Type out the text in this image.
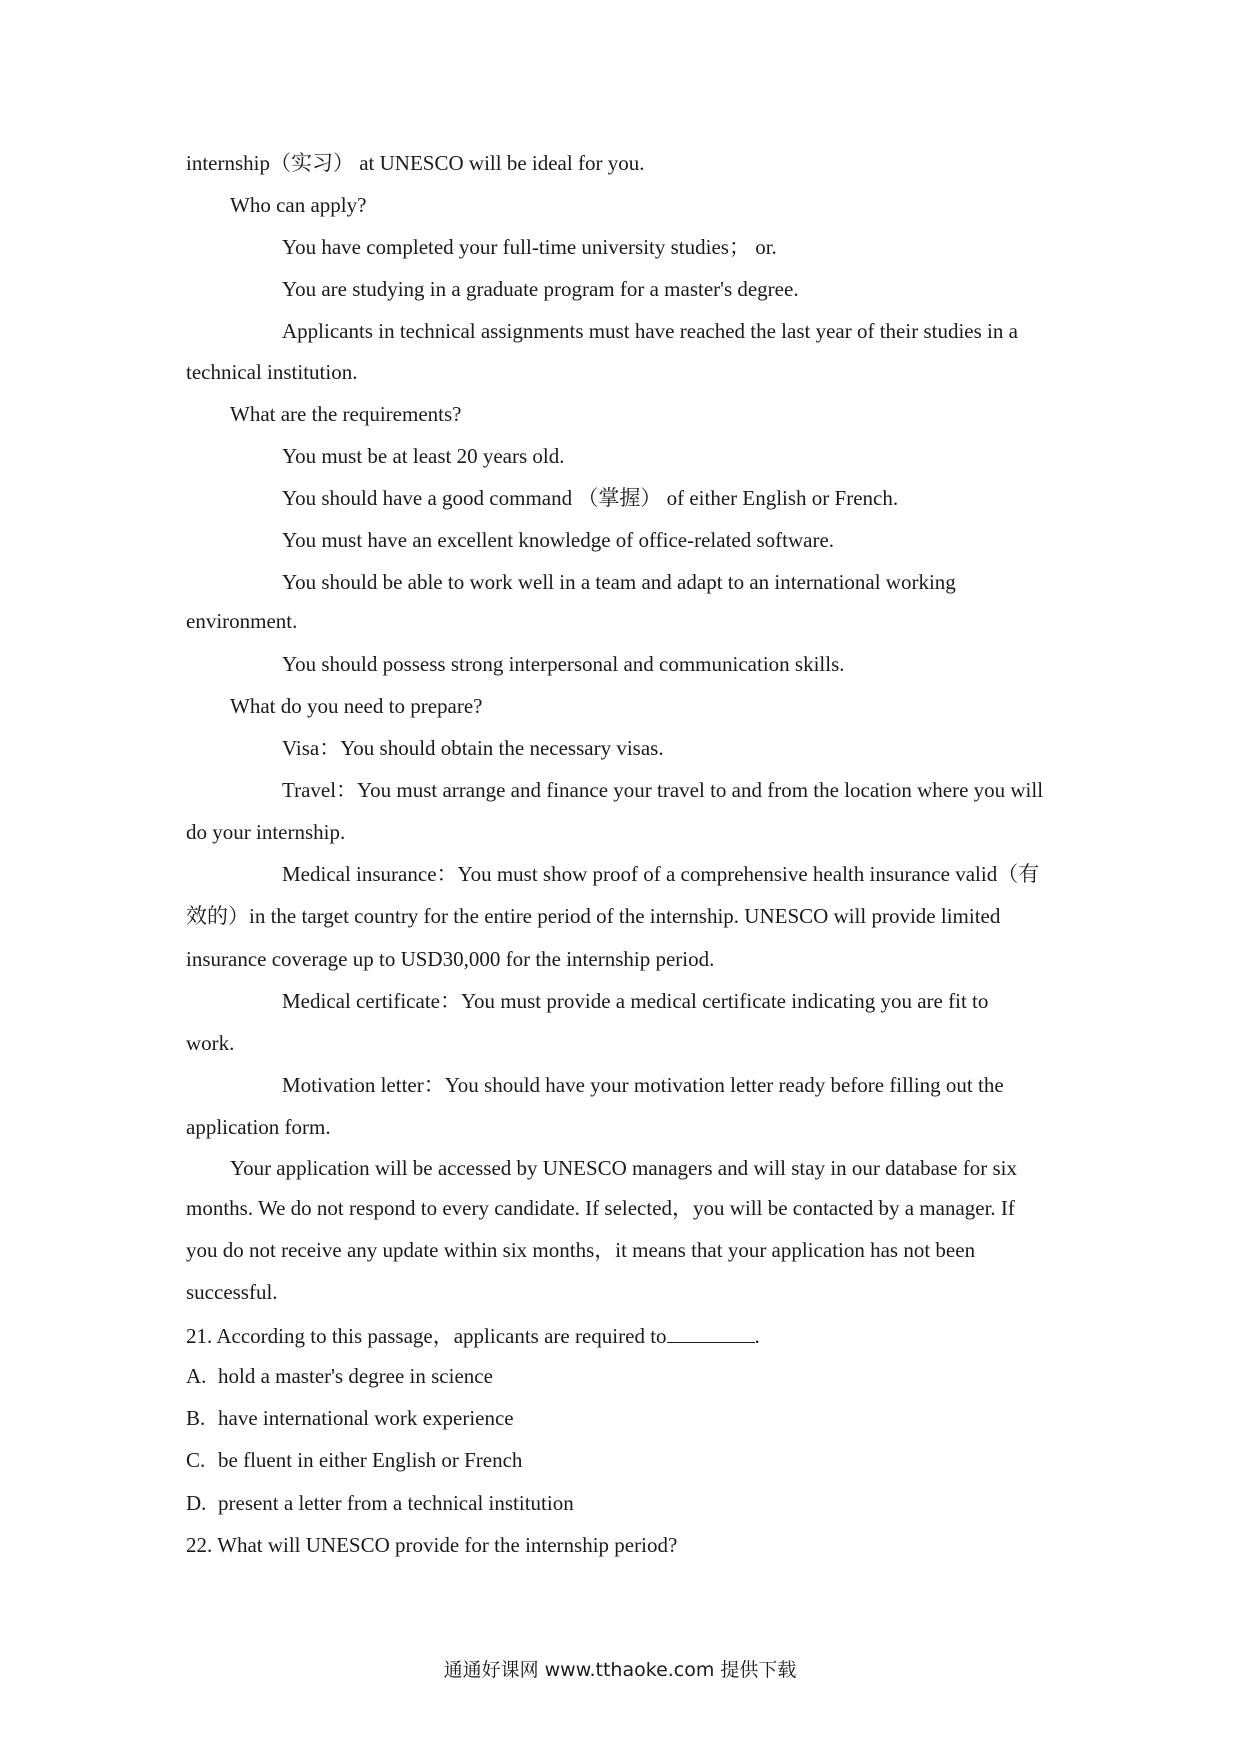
internship（实习） at UNESCO will be ideal for you.
Who can apply?
You have completed your full-time university studies； or.
You are studying in a graduate program for a master's degree.
Applicants in technical assignments must have reached the last year of their studies in a
technical institution.
What are the requirements?
You must be at least 20 years old.
You should have a good command （掌握） of either English or French.
You must have an excellent knowledge of office-related software.
You should be able to work well in a team and adapt to an international working
environment.
You should possess strong interpersonal and communication skills.
What do you need to prepare?
Visa：You should obtain the necessary visas.
Travel：You must arrange and finance your travel to and from the location where you will
do your internship.
Medical insurance：You must show proof of a comprehensive health insurance valid（有
效的）in the target country for the entire period of the internship. UNESCO will provide limited
insurance coverage up to USD30,000 for the internship period.
Medical certificate：You must provide a medical certificate indicating you are fit to
work.
Motivation letter：You should have your motivation letter ready before filling out the
application form.
Your application will be accessed by UNESCO managers and will stay in our database for six
months. We do not respond to every candidate. If selected，you will be contacted by a manager. If
you do not receive any update within six months，it means that your application has not been
successful.
21. According to this passage，applicants are required to	.
A. hold a master's degree in science
B. have international work experience
C. be fluent in either English or French
D. present a letter from a technical institution
22. What will UNESCO provide for the internship period?
通通好课网 www.tthaoke.com 提供下载
